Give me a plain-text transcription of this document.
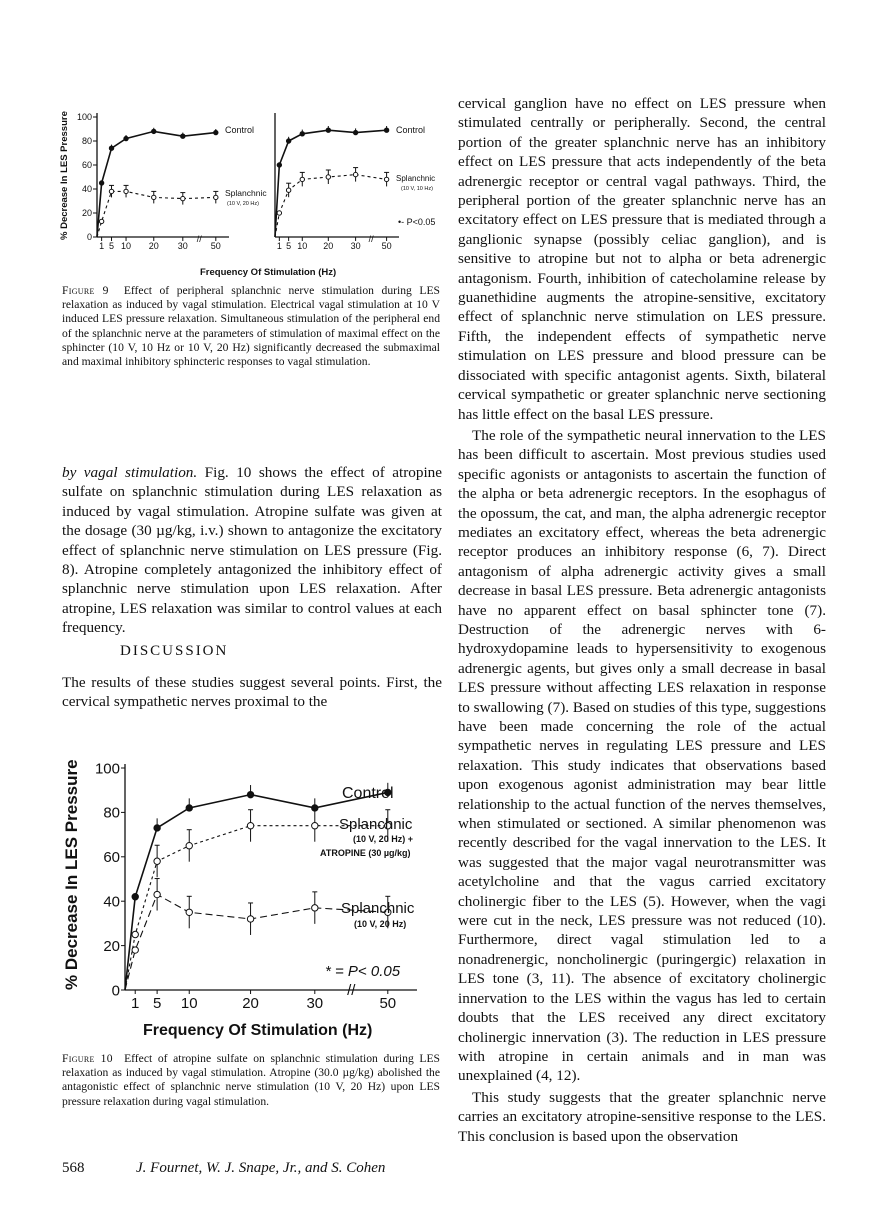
% Decrease In LES Pressure 0
20
40
60
80
100
1 5 10 20 30	50
//
1 5 10 20 30 50
//
Control
Splanchnic
(10 V, 20 Hz)
Control
Splanchnic
(10 V, 10 Hz)
•- P<0.05
Frequency Of Stimulation (Hz)
Figure 9 Effect of peripheral splanchnic nerve stimulation during LES relaxation as induced by vagal stimulation. Electrical vagal stimulation at 10 V induced LES pressure relaxation. Simultaneous stimulation of the peripheral end of the splanchnic nerve at the parameters of stimulation of maximal effect on the sphincter (10 V, 10 Hz or 10 V, 20 Hz) significantly decreased the submaximal and maximal inhibitory sphincteric responses to vagal stimulation.

by vagal stimulation. Fig. 10 shows the effect of atropine sulfate on splanchnic stimulation during LES relaxation as induced by vagal stimulation. Atropine sulfate was given at the dosage (30 µg/kg, i.v.) shown to antagonize the excitatory effect of splanchnic nerve stimulation on LES pressure (Fig. 8). Atropine completely antagonized the inhibitory effect of splanchnic nerve stimulation upon LES relaxation. After atropine, LES relaxation was similar to control values at each frequency.

DISCUSSION

The results of these studies suggest several points. First, the cervical sympathetic nerves proximal to the

% Decrease In LES Pressure
0
20
40
60
80
100
1 5 10	20	30	50
//
Control
Splanchnic
(10 V, 20 Hz) +
ATROPINE (30 µg/kg)
Splanchnic
(10 V, 20 Hz)
* = P< 0.05
Frequency Of Stimulation (Hz)
Figure 10 Effect of atropine sulfate on splanchnic stimulation during LES relaxation as induced by vagal stimulation. Atropine (30.0 µg/kg) abolished the antagonistic effect of splanchnic nerve stimulation (10 V, 20 Hz) upon LES pressure relaxation during vagal stimulation.

cervical ganglion have no effect on LES pressure when stimulated centrally or peripherally. Second, the central portion of the greater splanchnic nerve has an inhibitory effect on LES pressure that acts independently of the beta adrenergic receptor or central vagal pathways. Third, the peripheral portion of the greater splanchnic nerve has an excitatory effect on LES pressure that is mediated through a ganglionic synapse (possibly celiac ganglion), and is sensitive to atropine but not to alpha or beta adrenergic antagonism. Fourth, inhibition of catecholamine release by guanethidine augments the atropine-sensitive, excitatory effect of splanchnic nerve stimulation on LES pressure. Fifth, the independent effects of sympathetic nerve stimulation on LES pressure and blood pressure can be dissociated with specific antagonist agents. Sixth, bilateral cervical sympathetic or greater splanchnic nerve sectioning has little effect on the basal LES pressure.

The role of the sympathetic neural innervation to the LES has been difficult to ascertain. Most previous studies used specific agonists or antagonists to ascertain the function of the alpha or beta adrenergic receptors. In the esophagus of the opossum, the cat, and man, the alpha adrenergic receptor mediates an excitatory effect, whereas the beta adrenergic receptor produces an inhibitory response (6, 7). Direct antagonism of alpha adrenergic activity gives a small decrease in basal LES pressure. Beta adrenergic antagonists have no apparent effect on basal sphincter tone (7). Destruction of the adrenergic nerves with 6-hydroxydopamine leads to hypersensitivity to exogenous adrenergic agents, but gives only a small decrease in basal LES pressure without affecting LES relaxation in response to swallowing (7). Based on studies of this type, suggestions have been made concerning the role of the actual sympathetic nerves in regulating LES pressure and LES relaxation. This study indicates that observations based upon exogenous agonist administration may bear little relationship to the actual function of the nerves themselves, when stimulated or sectioned. A similar phenomenon was recently described for the vagal innervation to the LES. It was suggested that the major vagal neurotransmitter was acetylcholine and that the vagus carried excitatory cholinergic fiber to the LES (5). However, when the vagi were cut in the neck, LES pressure was not reduced (10). Furthermore, direct vagal stimulation led to a nonadrenergic, noncholinergic (puringergic) relaxation in LES tone (3, 11). The absence of excitatory cholinergic innervation to the LES within the vagus has led to certain doubts that the LES received any direct excitatory cholinergic innervation (3). The reduction in LES pressure with atropine in certain animals and in man was unexplained (4, 12).

This study suggests that the greater splanchnic nerve carries an excitatory atropine-sensitive response to the LES. This conclusion is based upon the observation

568	J. Fournet, W. J. Snape, Jr., and S. Cohen
